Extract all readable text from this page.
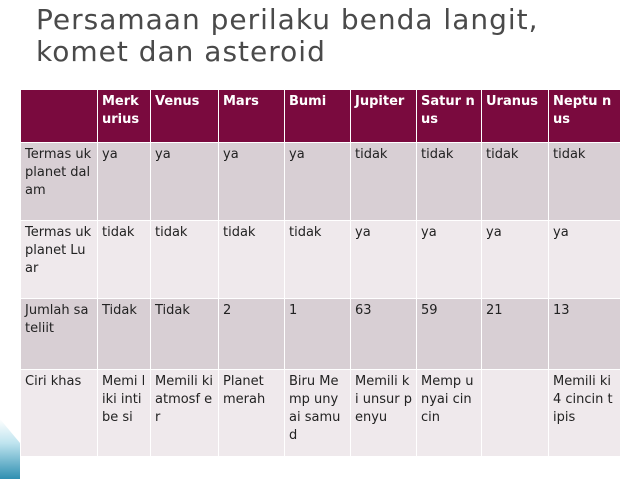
Persamaan perilaku benda langit,
komet dan asteroid
	Merk urius	Venus	Mars	Bumi	Jupiter	Satur nus	Uranus	Neptu nus
Termas uk planet dalam	ya	ya	ya	ya	tidak	tidak	tidak	tidak
Termas uk planet Luar	tidak	tidak	tidak	tidak	ya	ya	ya	ya
Jumlah sateliit	Tidak	Tidak	2	1	63	59	21	13
Ciri khas	Memi liki intibe si	Memili ki atmosf er	Planet merah	Biru Memp unyai samud	Memili ki unsur penyu	Memp unyai cin cin		Memili ki 4 cincin tipis
